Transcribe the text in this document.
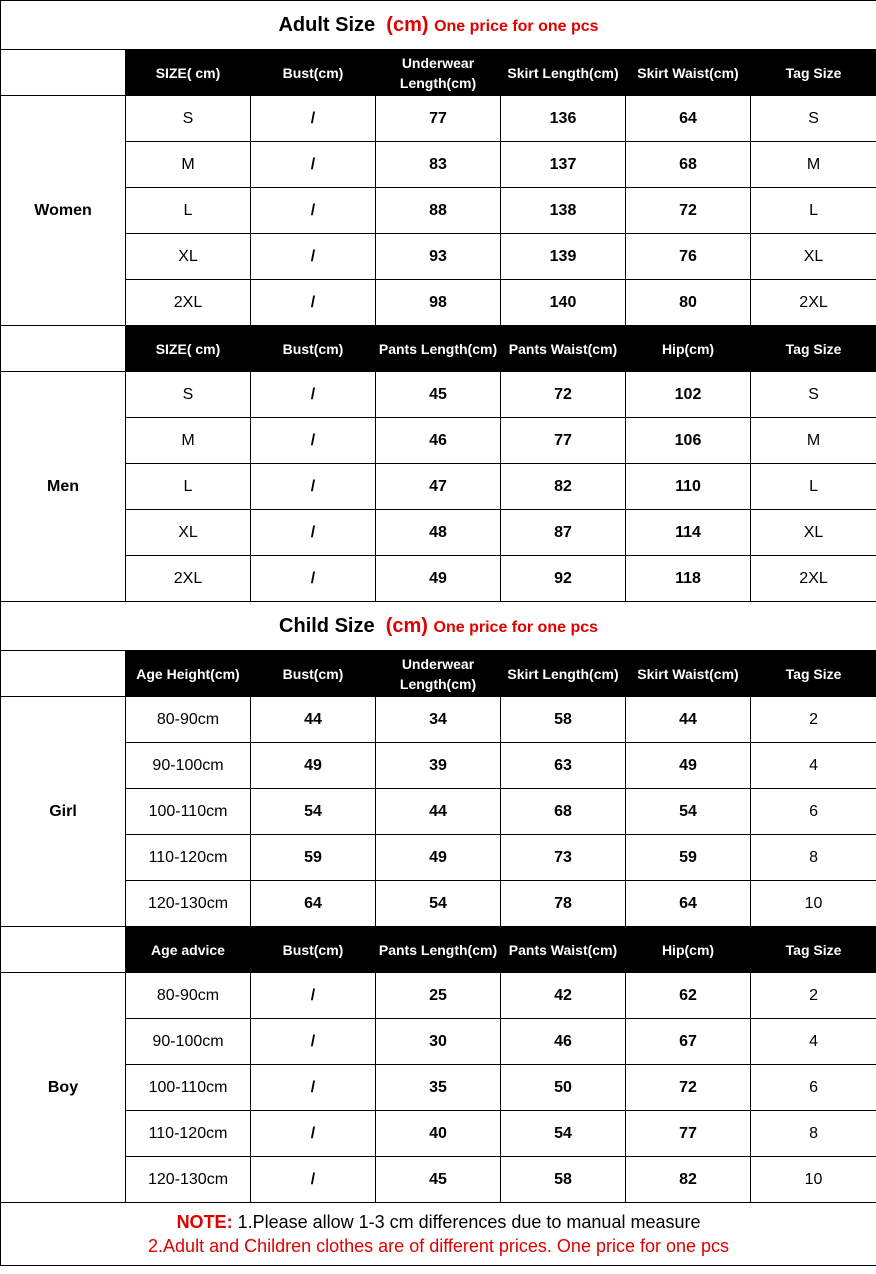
Adult Size (cm) One price for one pcs						
	SIZE( cm)	Bust(cm)	Underwear Length(cm)	Skirt Length(cm)	Skirt Waist(cm)	Tag Size
Women	S	/	77	136	64	S
	M	/	83	137	68	M
	L	/	88	138	72	L
	XL	/	93	139	76	XL
	2XL	/	98	140	80	2XL
	SIZE( cm)	Bust(cm)	Pants Length(cm)	Pants Waist(cm)	Hip(cm)	Tag Size
Men	S	/	45	72	102	S
	M	/	46	77	106	M
	L	/	47	82	110	L
	XL	/	48	87	114	XL
	2XL	/	49	92	118	2XL
Child Size (cm) One price for one pcs						
	Age Height(cm)	Bust(cm)	Underwear Length(cm)	Skirt Length(cm)	Skirt Waist(cm)	Tag Size
Girl	80-90cm	44	34	58	44	2
	90-100cm	49	39	63	49	4
	100-110cm	54	44	68	54	6
	110-120cm	59	49	73	59	8
	120-130cm	64	54	78	64	10
	Age advice	Bust(cm)	Pants Length(cm)	Pants Waist(cm)	Hip(cm)	Tag Size
Boy	80-90cm	/	25	42	62	2
	90-100cm	/	30	46	67	4
	100-110cm	/	35	50	72	6
	110-120cm	/	40	54	77	8
	120-130cm	/	45	58	82	10

NOTE: 1.Please allow 1-3 cm differences due to manual measure
2.Adult and Children clothes are of different prices. One price for one pcs						
